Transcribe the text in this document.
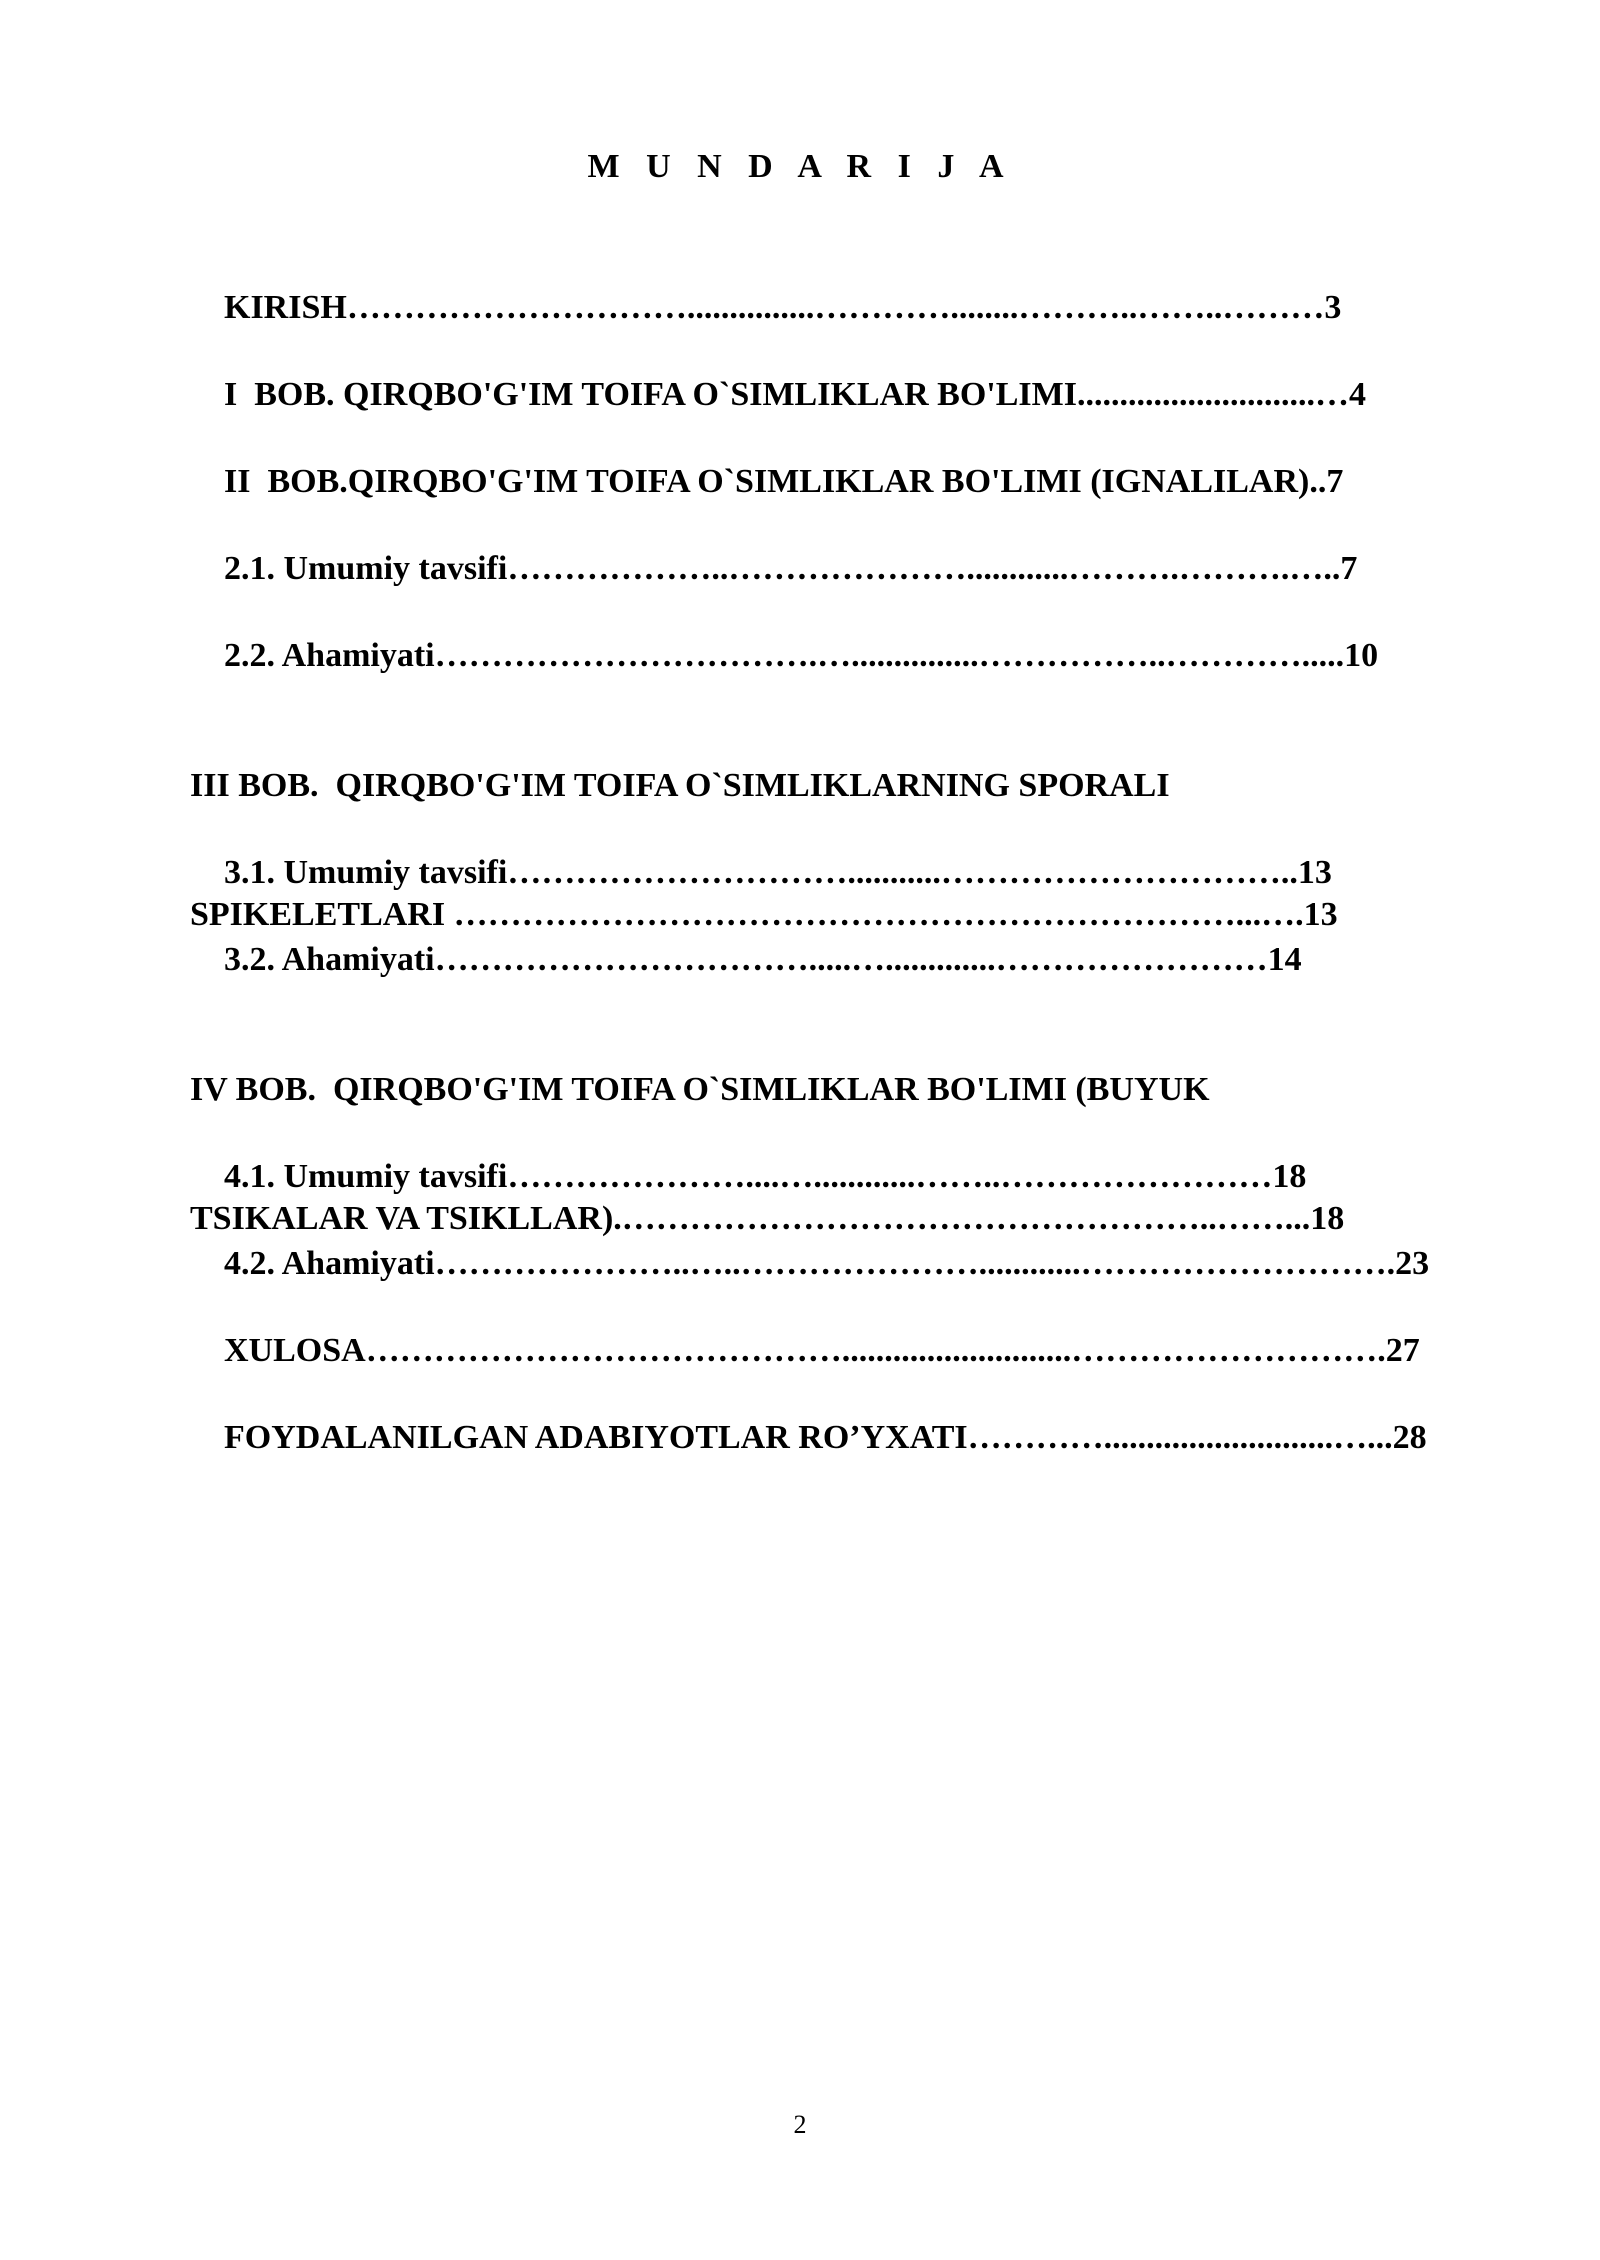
M U N D A R I J A

KIRISH…………………………...............…………........………..……..………3

I  BOB. QIRQBO'G'IM TOIFA O`SIMLIKLAR BO'LIMI............................…4

II  BOB.QIRQBO'G'IM TOIFA O`SIMLIKLAR BO'LIMI (IGNALILAR)..7

2.1. Umumiy tavsifi………………..…………………............……….……….…..7

2.2. Ahamiyati…………………………….…...............……………..………….....10

III BOB.  QIRQBO'G'IM TOIFA O`SIMLIKLARNING SPORALI

SPIKELETLARI ……………………………………………………………...….13

3.1. Umumiy tavsifi…………………………...........…………………………..13

3.2. Ahamiyati…………………………….....….............……………………14

IV BOB.  QIRQBO'G'IM TOIFA O`SIMLIKLAR BO'LIMI (BUYUK

TSIKALAR VA TSIKLLAR).……………………………………………..……...18

4.1. Umumiy tavsifi…………………....…............……..……………………18

4.2. Ahamiyati…………………..…..…………………............……………………….23

XULOSA……………………………………...........................……………………….27

FOYDALANILGAN ADABIYOTLAR RO’YXATI…………...........................…...28

2
